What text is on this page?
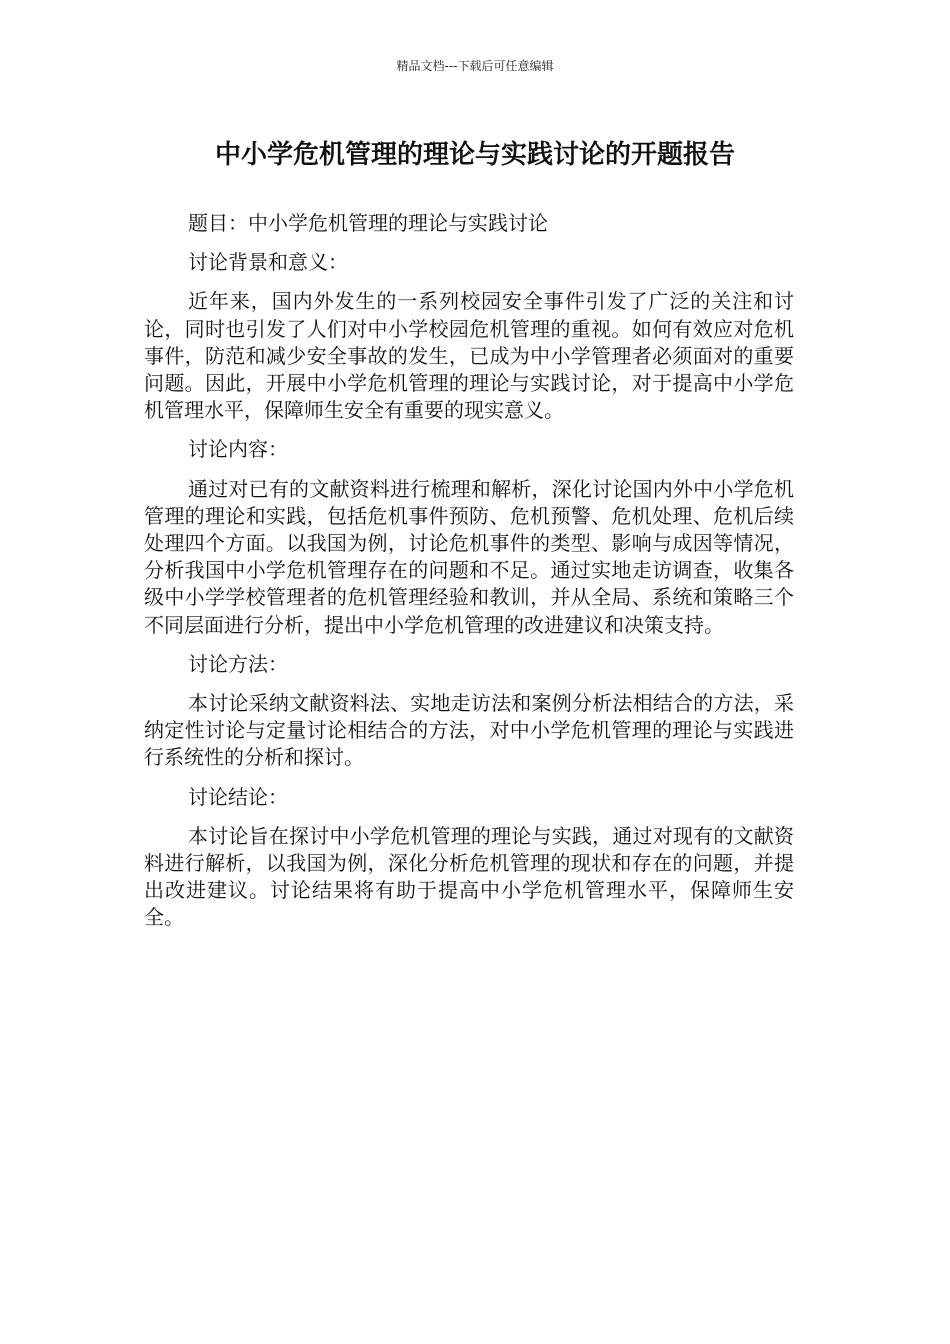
精品文档---下载后可任意编辑
中小学危机管理的理论与实践讨论的开题报告

题目：中小学危机管理的理论与实践讨论

讨论背景和意义：

近年来，国内外发生的一系列校园安全事件引发了广泛的关注和讨论，同时也引发了人们对中小学校园危机管理的重视。如何有效应对危机事件，防范和减少安全事故的发生，已成为中小学管理者必须面对的重要问题。因此，开展中小学危机管理的理论与实践讨论，对于提高中小学危机管理水平，保障师生安全有重要的现实意义。

讨论内容：

通过对已有的文献资料进行梳理和解析，深化讨论国内外中小学危机管理的理论和实践，包括危机事件预防、危机预警、危机处理、危机后续处理四个方面。以我国为例，讨论危机事件的类型、影响与成因等情况，分析我国中小学危机管理存在的问题和不足。通过实地走访调查，收集各级中小学学校管理者的危机管理经验和教训，并从全局、系统和策略三个不同层面进行分析，提出中小学危机管理的改进建议和决策支持。

讨论方法：

本讨论采纳文献资料法、实地走访法和案例分析法相结合的方法，采纳定性讨论与定量讨论相结合的方法，对中小学危机管理的理论与实践进行系统性的分析和探讨。

讨论结论：

本讨论旨在探讨中小学危机管理的理论与实践，通过对现有的文献资料进行解析，以我国为例，深化分析危机管理的现状和存在的问题，并提出改进建议。讨论结果将有助于提高中小学危机管理水平，保障师生安全。
